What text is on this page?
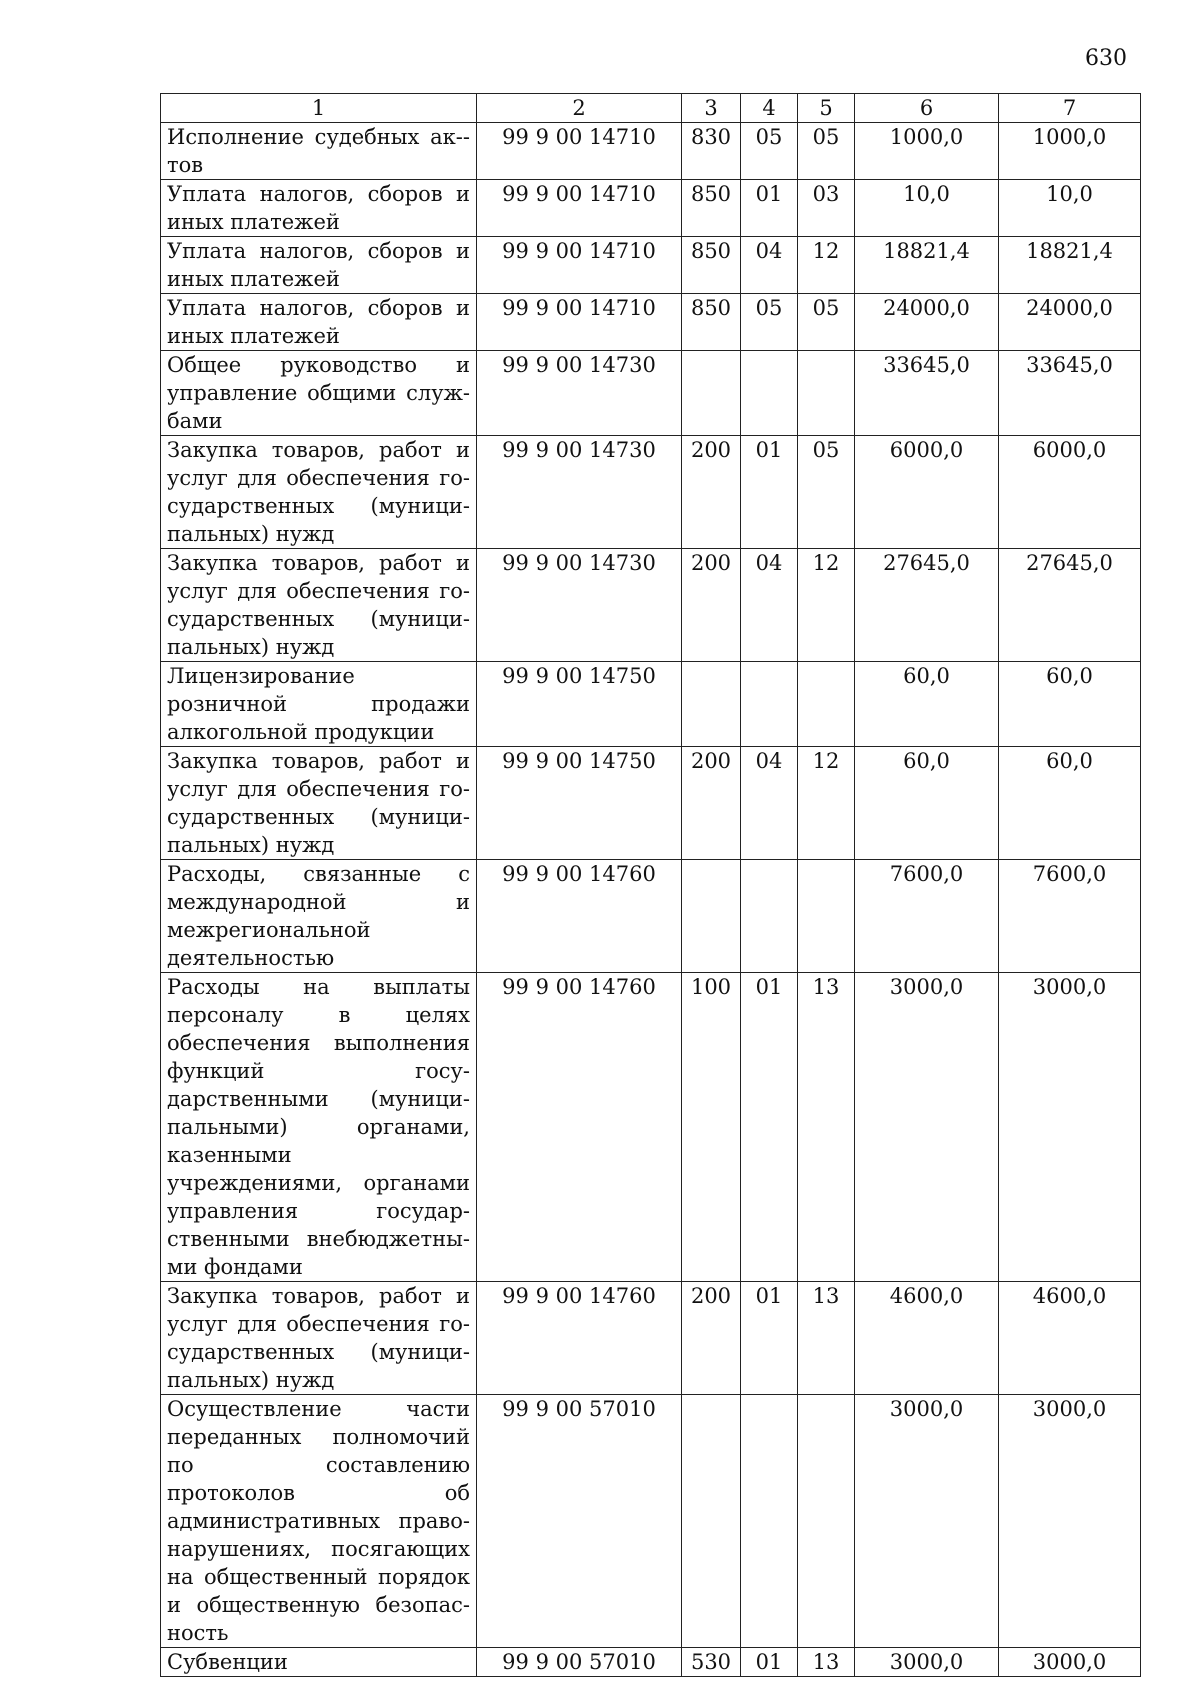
630
1	2	3	4	5	6	7
Исполнение судебных ак-тов	99 9 00 14710	830	05	05	1000,0	1000,0
Уплата налогов, сборов и иных платежей	99 9 00 14710	850	01	03	10,0	10,0
Уплата налогов, сборов и иных платежей	99 9 00 14710	850	04	12	18821,4	18821,4
Уплата налогов, сборов и иных платежей	99 9 00 14710	850	05	05	24000,0	24000,0
Общее руководство и управление общими службами	99 9 00 14730				33645,0	33645,0
Закупка товаров, работ и услуг для обеспечения государственных (муниципальных) нужд	99 9 00 14730	200	01	05	6000,0	6000,0
Закупка товаров, работ и услуг для обеспечения государственных (муниципальных) нужд	99 9 00 14730	200	04	12	27645,0	27645,0
Лицензирование розничной продажи алкогольной продукции	99 9 00 14750				60,0	60,0
Закупка товаров, работ и услуг для обеспечения государственных (муниципальных) нужд	99 9 00 14750	200	04	12	60,0	60,0
Расходы, связанные с международной и межрегиональной деятельностью	99 9 00 14760				7600,0	7600,0
Расходы на выплаты персоналу в целях обеспечения выполнения функций государственными (муниципальными) органами, казенными учреждениями, органами управления государственными внебюджетными фондами	99 9 00 14760	100	01	13	3000,0	3000,0
Закупка товаров, работ и услуг для обеспечения государственных (муниципальных) нужд	99 9 00 14760	200	01	13	4600,0	4600,0
Осуществление части переданных полномочий по составлению протоколов об административных правонарушениях, посягающих на общественный порядок и общественную безопасность	99 9 00 57010				3000,0	3000,0
Субвенции	99 9 00 57010	530	01	13	3000,0	3000,0
